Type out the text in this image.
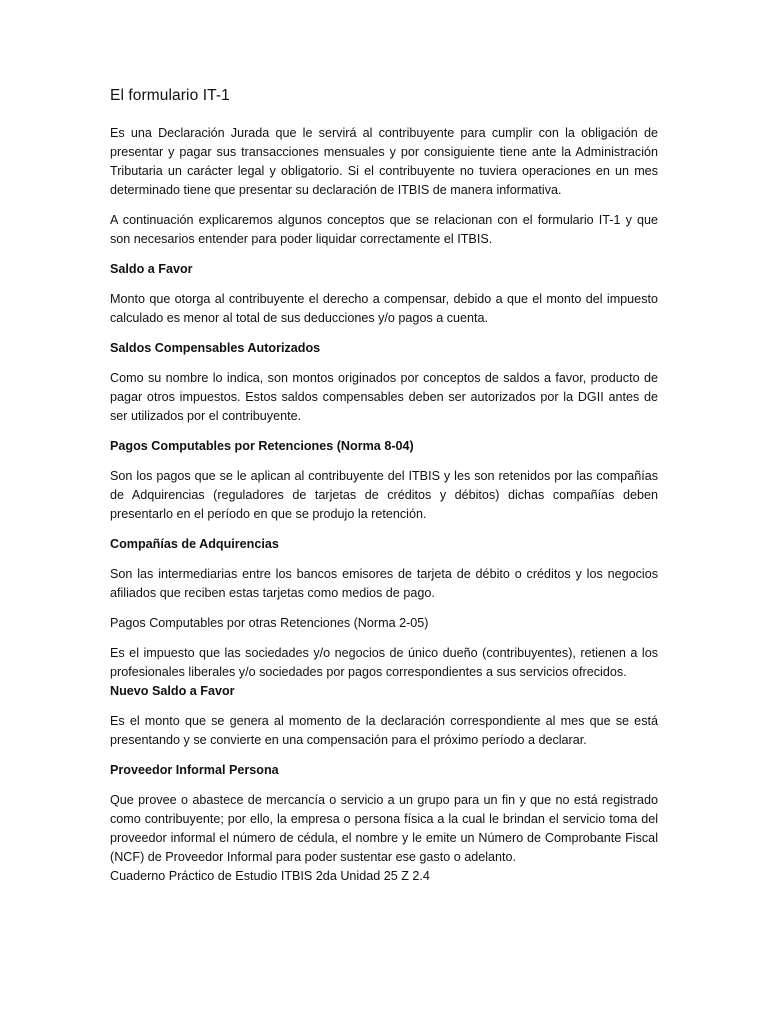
El formulario IT-1

Es una Declaración Jurada que le servirá al contribuyente para cumplir con la obligación de presentar y pagar sus transacciones mensuales y por consiguiente tiene ante la Administración Tributaria un carácter legal y obligatorio. Si el contribuyente no tuviera operaciones en un mes determinado tiene que presentar su declaración de ITBIS de manera informativa.

A continuación explicaremos algunos conceptos que se relacionan con el formulario IT-1 y que son necesarios entender para poder liquidar correctamente el ITBIS.

Saldo a Favor

Monto que otorga al contribuyente el derecho a compensar, debido a que el monto del impuesto calculado es menor al total de sus deducciones y/o pagos a cuenta.

Saldos Compensables Autorizados

Como su nombre lo indica, son montos originados por conceptos de saldos a favor, producto de pagar otros impuestos. Estos saldos compensables deben ser autorizados por la DGII antes de ser utilizados por el contribuyente.

Pagos Computables por Retenciones (Norma 8-04)

Son los pagos que se le aplican al contribuyente del ITBIS y les son retenidos por las compañías de Adquirencias (reguladores de tarjetas de créditos y débitos) dichas compañías deben presentarlo en el período en que se produjo la retención.

Compañías de Adquirencias

Son las intermediarias entre los bancos emisores de tarjeta de débito o créditos y los negocios afiliados que reciben estas tarjetas como medios de pago.

Pagos Computables por otras Retenciones (Norma 2-05)

Es el impuesto que las sociedades y/o negocios de único dueño (contribuyentes), retienen a los profesionales liberales y/o sociedades por pagos correspondientes a sus servicios ofrecidos.

Nuevo Saldo a Favor

Es el monto que se genera al momento de la declaración correspondiente al mes que se está presentando y se convierte en una compensación para el próximo período a declarar.

Proveedor Informal Persona

Que provee o abastece de mercancía o servicio a un grupo para un fin y que no está registrado como contribuyente; por ello, la empresa o persona física a la cual le brindan el servicio toma del proveedor informal el número de cédula, el nombre y le emite un Número de Comprobante Fiscal (NCF) de Proveedor Informal para poder sustentar ese gasto o adelanto.

Cuaderno Práctico de Estudio ITBIS 2da Unidad 25 Z 2.4
